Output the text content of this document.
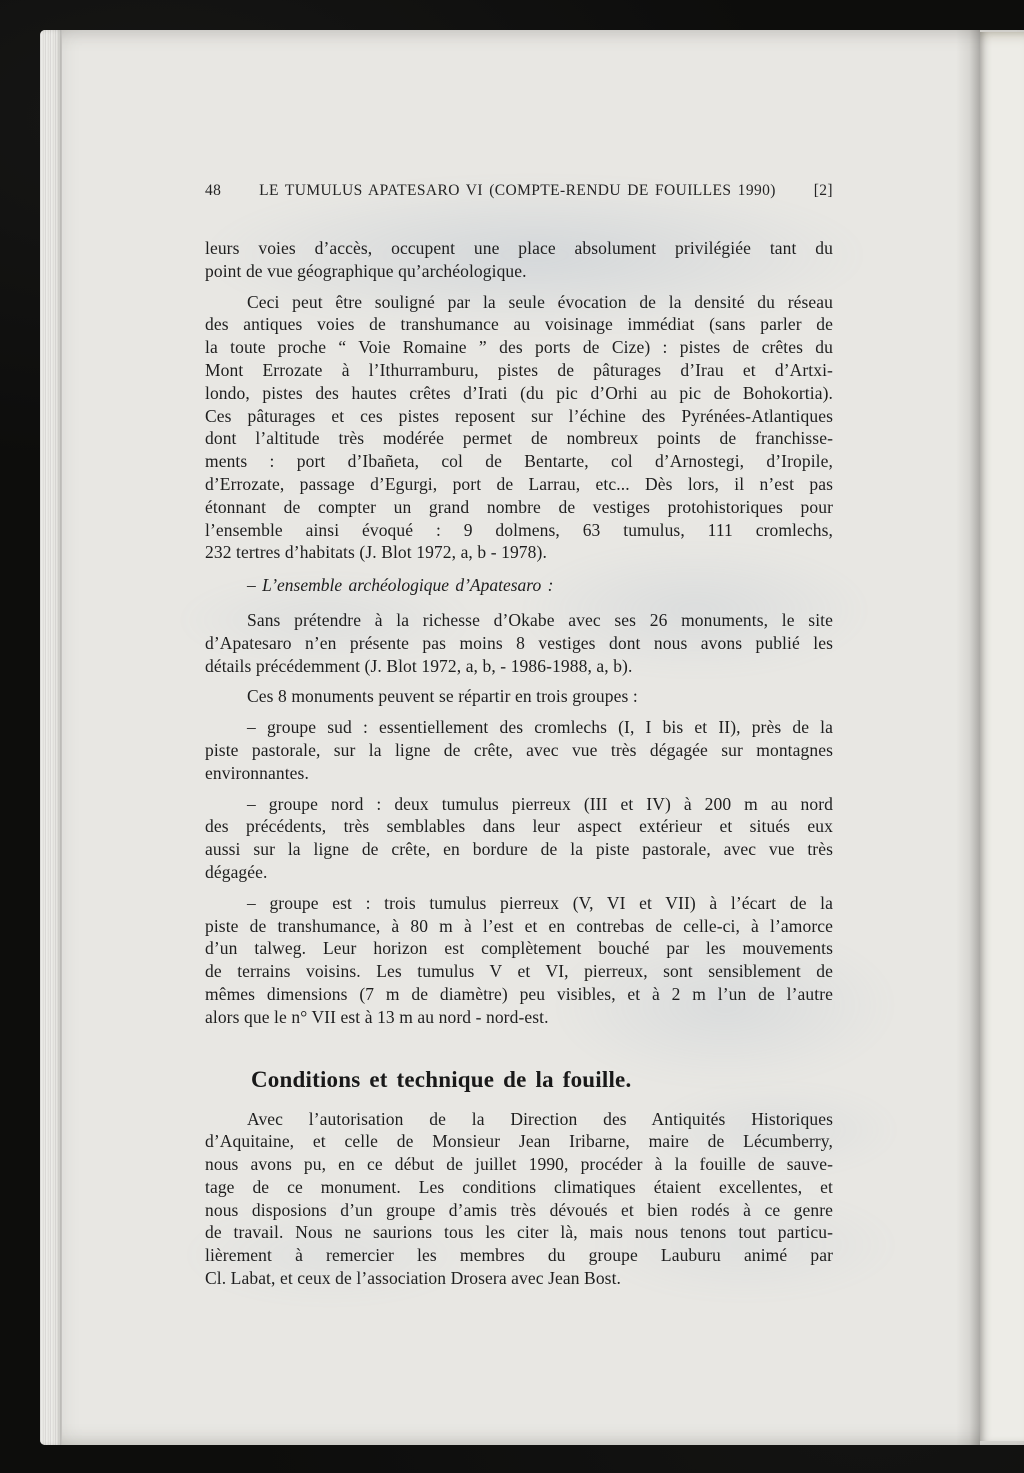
48 LE TUMULUS APATESARO VI (COMPTE-RENDU DE FOUILLES 1990) [2]
leurs voies d’accès, occupent une place absolument privilégiée tant du
point de vue géographique qu’archéologique.
Ceci peut être souligné par la seule évocation de la densité du réseau
des antiques voies de transhumance au voisinage immédiat (sans parler de
la toute proche “ Voie Romaine ” des ports de Cize) : pistes de crêtes du
Mont Errozate à l’Ithurramburu, pistes de pâturages d’Irau et d’Artxi-
londo, pistes des hautes crêtes d’Irati (du pic d’Orhi au pic de Bohokortia).
Ces pâturages et ces pistes reposent sur l’échine des Pyrénées-Atlantiques
dont l’altitude très modérée permet de nombreux points de franchisse-
ments : port d’Ibañeta, col de Bentarte, col d’Arnostegi, d’Iropile,
d’Errozate, passage d’Egurgi, port de Larrau, etc... Dès lors, il n’est pas
étonnant de compter un grand nombre de vestiges protohistoriques pour
l’ensemble ainsi évoqué : 9 dolmens, 63 tumulus, 111 cromlechs,
232 tertres d’habitats (J. Blot 1972, a, b - 1978).
– L’ensemble archéologique d’Apatesaro :
Sans prétendre à la richesse d’Okabe avec ses 26 monuments, le site
d’Apatesaro n’en présente pas moins 8 vestiges dont nous avons publié les
détails précédemment (J. Blot 1972, a, b, - 1986-1988, a, b).
Ces 8 monuments peuvent se répartir en trois groupes :
– groupe sud : essentiellement des cromlechs (I, I bis et II), près de la
piste pastorale, sur la ligne de crête, avec vue très dégagée sur montagnes
environnantes.
– groupe nord : deux tumulus pierreux (III et IV) à 200 m au nord
des précédents, très semblables dans leur aspect extérieur et situés eux
aussi sur la ligne de crête, en bordure de la piste pastorale, avec vue très
dégagée.
– groupe est : trois tumulus pierreux (V, VI et VII) à l’écart de la
piste de transhumance, à 80 m à l’est et en contrebas de celle-ci, à l’amorce
d’un talweg. Leur horizon est complètement bouché par les mouvements
de terrains voisins. Les tumulus V et VI, pierreux, sont sensiblement de
mêmes dimensions (7 m de diamètre) peu visibles, et à 2 m l’un de l’autre
alors que le n° VII est à 13 m au nord - nord-est.
Conditions et technique de la fouille.
Avec l’autorisation de la Direction des Antiquités Historiques
d’Aquitaine, et celle de Monsieur Jean Iribarne, maire de Lécumberry,
nous avons pu, en ce début de juillet 1990, procéder à la fouille de sauve-
tage de ce monument. Les conditions climatiques étaient excellentes, et
nous disposions d’un groupe d’amis très dévoués et bien rodés à ce genre
de travail. Nous ne saurions tous les citer là, mais nous tenons tout particu-
lièrement à remercier les membres du groupe Lauburu animé par
Cl. Labat, et ceux de l’association Drosera avec Jean Bost.
